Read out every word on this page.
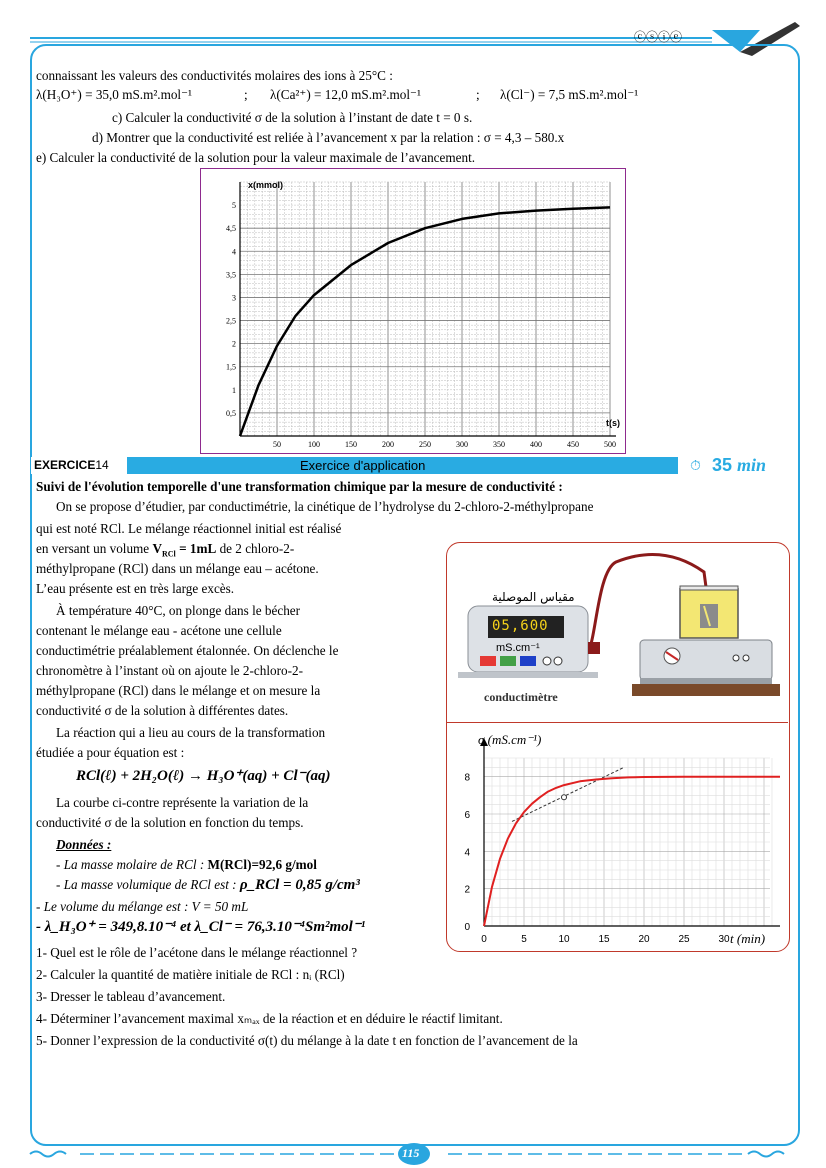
ⓒⓢⓘⓔ
connaissant les valeurs des conductivités molaires des ions à 25°C :
λ(H₃O⁺) = 35,0 mS.m².mol⁻¹	; λ(Ca²⁺) = 12,0 mS.m².mol⁻¹	; λ(Cl⁻) = 7,5 mS.m².mol⁻¹
c) Calculer la conductivité σ de la solution à l’instant de date t = 0 s.
d) Montrer que la conductivité est reliée à l’avancement x par la relation : σ = 4,3 – 580.x
e) Calculer la conductivité de la solution pour la valeur maximale de l’avancement.
50	100	150	200	250	300	350	400	450	500
0,5
1
1,5
2
2,5
3
3,5
4
4,5
5
x(mmol)
t(s)
EXERCICE14	Exercice d'application	⏱ 35 min
Suivi de l'évolution temporelle d'une transformation chimique par la mesure de conductivité :
On se propose d’étudier, par conductimétrie, la cinétique de l’hydrolyse du 2-chloro-2-méthylpropane
qui est noté RCl. Le mélange réactionnel initial est réalisé
en versant un volume $V_{RCl} = 1mL$ de 2 chloro-2-
méthylpropane (RCl) dans un mélange eau – acétone.
L’eau présente est en très large excès.
À température 40°C, on plonge dans le bécher
contenant le mélange eau - acétone une cellule
conductimétrie préalablement étalonnée. On déclenche le
chronomètre à l’instant où on ajoute le 2-chloro-2-
méthylpropane (RCl) dans le mélange et on mesure la
conductivité σ de la solution à différentes dates.
La réaction qui a lieu au cours de la transformation
étudiée a pour équation est :
RCl(ℓ) + 2H₂O(ℓ) → H₃O⁺(aq) + Cl⁻(aq)
La courbe ci-contre représente la variation de la
conductivité σ de la solution en fonction du temps.
Données :
- La masse molaire de RCl : M(RCl)=92,6 g/mol
- La masse volumique de RCl est : ρ_RCl = 0,85 g/cm³
- Le volume du mélange est : V = 50 mL
- λ_H₃O⁺ = 349,8.10⁻⁴ et λ_Cl⁻ = 76,3.10⁻⁴Sm²mol⁻¹
1- Quel est le rôle de l’acétone dans le mélange réactionnel ?
2- Calculer la quantité de matière initiale de RCl : nᵢ (RCl)
3- Dresser le tableau d’avancement.
4- Déterminer l’avancement maximal xₘₐₓ de la réaction et en déduire le réactif limitant.
5- Donner l’expression de la conductivité σ(t) du mélange à la date t en fonction de l’avancement de la
مقياس الموصلية
05,600
mS.cm⁻¹
conductimètre
0	5	10	15	20	25	30
0
2
4
6
8
σ (mS.cm⁻¹)
t (min)
115
